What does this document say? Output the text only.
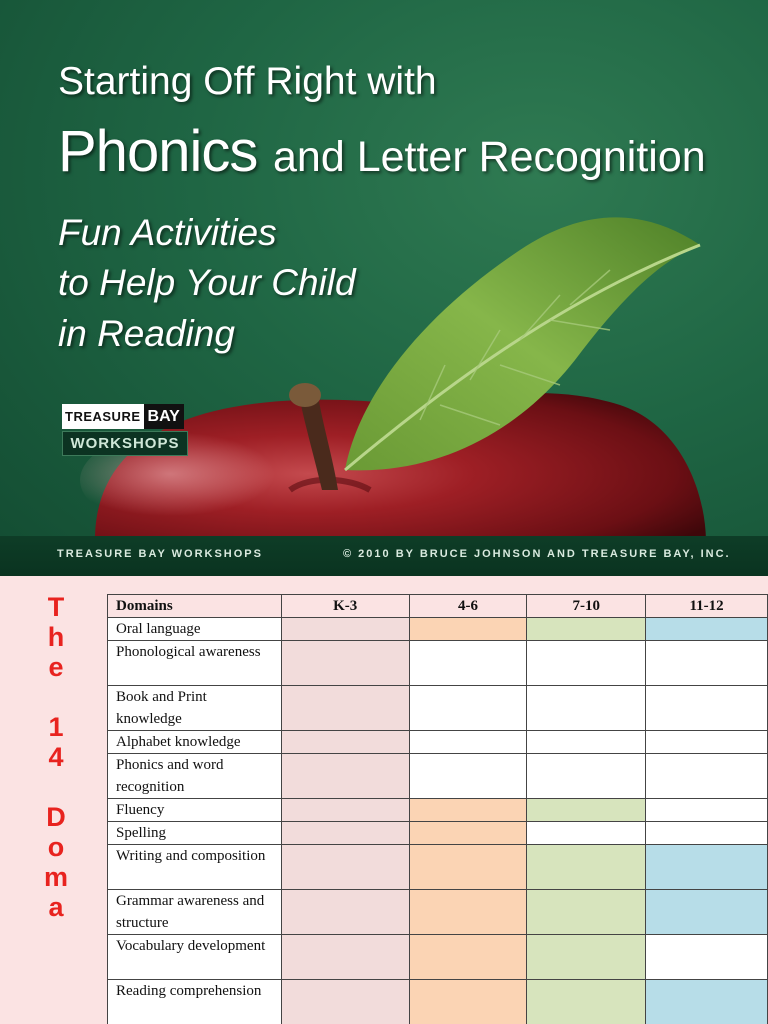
Starting Off Right with
Phonics and Letter Recognition
Fun Activities
to Help Your Child
in Reading
TREASURE BAY
WORKSHOPS
TREASURE BAY WORKSHOPS	© 2010 BY BRUCE JOHNSON AND TREASURE BAY, INC.
T
h
e
1
4
D
o
m
a
Domains	K-3	4-6	7-10	11-12
Oral language				
Phonological awareness				
Book and Print knowledge				
Alphabet knowledge				
Phonics and word recognition				
Fluency				
Spelling				
Writing and composition				
Grammar awareness and structure				
Vocabulary development				
Reading comprehension				
